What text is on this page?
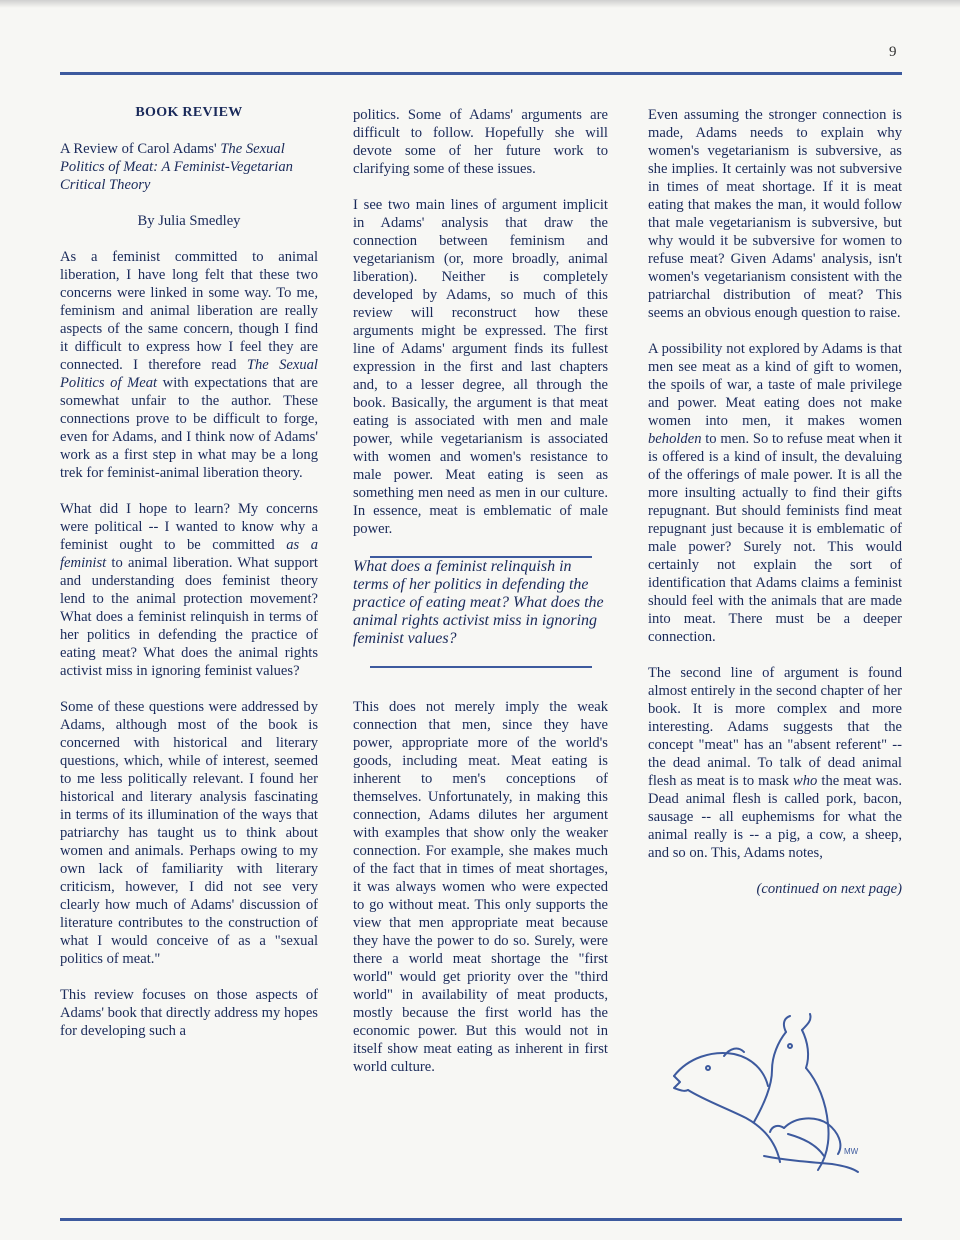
9

BOOK REVIEW

A Review of Carol Adams' The Sexual Politics of Meat: A Feminist-Vegetarian Critical Theory

By Julia Smedley

As a feminist committed to animal liberation, I have long felt that these two concerns were linked in some way. To me, feminism and animal liberation are really aspects of the same concern, though I find it difficult to express how I feel they are connected. I therefore read The Sexual Politics of Meat with expectations that are somewhat unfair to the author. These connections prove to be difficult to forge, even for Adams, and I think now of Adams' work as a first step in what may be a long trek for feminist-animal liberation theory.

What did I hope to learn? My concerns were political -- I wanted to know why a feminist ought to be committed as a feminist to animal liberation. What support and understanding does feminist theory lend to the animal protection movement? What does a feminist relinquish in terms of her politics in defending the practice of eating meat? What does the animal rights activist miss in ignoring feminist values?

Some of these questions were addressed by Adams, although most of the book is concerned with historical and literary questions, which, while of interest, seemed to me less politically relevant. I found her historical and literary analysis fascinating in terms of its illumination of the ways that patriarchy has taught us to think about women and animals. Perhaps owing to my own lack of familiarity with literary criticism, however, I did not see very clearly how much of Adams' discussion of literature contributes to the construction of what I would conceive of as a "sexual politics of meat."

This review focuses on those aspects of Adams' book that directly address my hopes for developing such a

politics. Some of Adams' arguments are difficult to follow. Hopefully she will devote some of her future work to clarifying some of these issues.

I see two main lines of argument implicit in Adams' analysis that draw the connection between feminism and vegetarianism (or, more broadly, animal liberation). Neither is completely developed by Adams, so much of this review will reconstruct how these arguments might be expressed. The first line of Adams' argument finds its fullest expression in the first and last chapters and, to a lesser degree, all through the book. Basically, the argument is that meat eating is associated with men and male power, while vegetarianism is associated with women and women's resistance to male power. Meat eating is seen as something men need as men in our culture. In essence, meat is emblematic of male power.

What does a feminist relinquish in terms of her politics in defending the practice of eating meat? What does the animal rights activist miss in ignoring feminist values?

This does not merely imply the weak connection that men, since they have power, appropriate more of the world's goods, including meat. Meat eating is inherent to men's conceptions of themselves. Unfortunately, in making this connection, Adams dilutes her argument with examples that show only the weaker connection. For example, she makes much of the fact that in times of meat shortages, it was always women who were expected to go without meat. This only supports the view that men appropriate meat because they have the power to do so. Surely, were there a world meat shortage the "first world" would get priority over the "third world" in availability of meat products, mostly because the first world has the economic power. But this would not in itself show meat eating as inherent in first world culture.

Even assuming the stronger connection is made, Adams needs to explain why women's vegetarianism is subversive, as she implies. It certainly was not subversive in times of meat shortage. If it is meat eating that makes the man, it would follow that male vegetarianism is subversive, but why would it be subversive for women to refuse meat? Given Adams' analysis, isn't women's vegetarianism consistent with the patriarchal distribution of meat? This seems an obvious enough question to raise.

A possibility not explored by Adams is that men see meat as a kind of gift to women, the spoils of war, a taste of male privilege and power. Meat eating does not make women into men, it makes women beholden to men. So to refuse meat when it is offered is a kind of insult, the devaluing of the offerings of male power. It is all the more insulting actually to find their gifts repugnant. But should feminists find meat repugnant just because it is emblematic of male power? Surely not. This would certainly not explain the sort of identification that Adams claims a feminist should feel with the animals that are made into meat. There must be a deeper connection.

The second line of argument is found almost entirely in the second chapter of her book. It is more complex and more interesting. Adams suggests that the concept "meat" has an "absent referent" -- the dead animal. To talk of dead animal flesh as meat is to mask who the meat was. Dead animal flesh is called pork, bacon, sausage -- all euphemisms for what the animal really is -- a pig, a cow, a sheep, and so on. This, Adams notes,

(continued on next page)

MW
